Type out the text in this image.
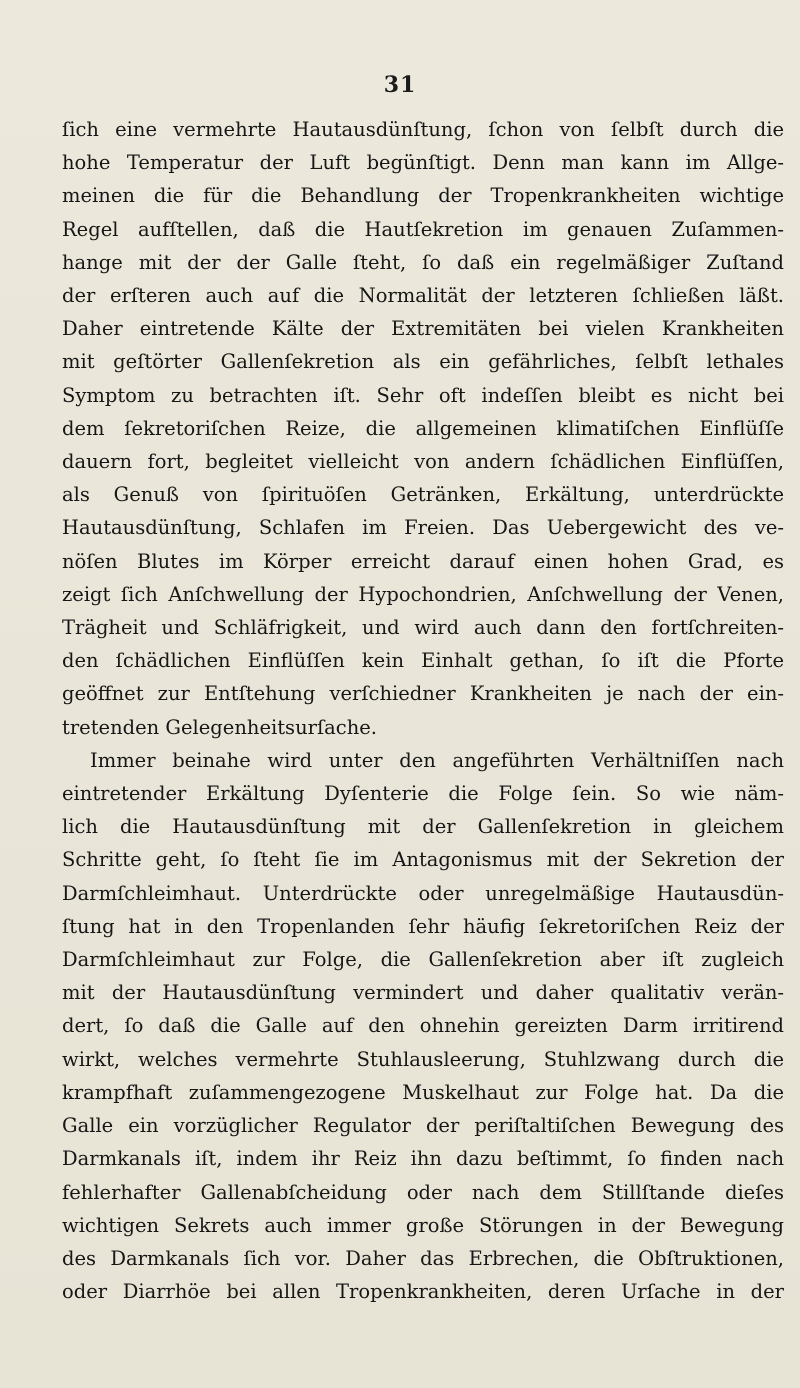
31
ſich eine vermehrte Hautausdünſtung, ſchon von ſelbſt durch die
hohe Temperatur der Luft begünſtigt. Denn man kann im Allge-
meinen die für die Behandlung der Tropenkrankheiten wichtige
Regel aufſtellen, daß die Hautſekretion im genauen Zuſammen-
hange mit der der Galle ſteht, ſo daß ein regelmäßiger Zuſtand
der erſteren auch auf die Normalität der letzteren ſchließen läßt.
Daher eintretende Kälte der Extremitäten bei vielen Krankheiten
mit geſtörter Gallenſekretion als ein gefährliches, ſelbſt lethales
Symptom zu betrachten iſt. Sehr oft indeſſen bleibt es nicht bei
dem ſekretoriſchen Reize, die allgemeinen klimatiſchen Einflüſſe
dauern fort, begleitet vielleicht von andern ſchädlichen Einflüſſen,
als Genuß von ſpirituöſen Getränken, Erkältung, unterdrückte
Hautausdünſtung, Schlafen im Freien. Das Uebergewicht des ve-
nöſen Blutes im Körper erreicht darauf einen hohen Grad, es
zeigt ſich Anſchwellung der Hypochondrien, Anſchwellung der Venen,
Trägheit und Schläfrigkeit, und wird auch dann den fortſchreiten-
den ſchädlichen Einflüſſen kein Einhalt gethan, ſo iſt die Pforte
geöffnet zur Entſtehung verſchiedner Krankheiten je nach der ein-
tretenden Gelegenheitsurſache.
Immer beinahe wird unter den angeführten Verhältniſſen nach
eintretender Erkältung Dyſenterie die Folge ſein. So wie näm-
lich die Hautausdünſtung mit der Gallenſekretion in gleichem
Schritte geht, ſo ſteht ſie im Antagonismus mit der Sekretion der
Darmſchleimhaut. Unterdrückte oder unregelmäßige Hautausdün-
ſtung hat in den Tropenlanden ſehr häufig ſekretoriſchen Reiz der
Darmſchleimhaut zur Folge, die Gallenſekretion aber iſt zugleich
mit der Hautausdünſtung vermindert und daher qualitativ verän-
dert, ſo daß die Galle auf den ohnehin gereizten Darm irritirend
wirkt, welches vermehrte Stuhlausleerung, Stuhlzwang durch die
krampfhaft zuſammengezogene Muskelhaut zur Folge hat. Da die
Galle ein vorzüglicher Regulator der periſtaltiſchen Bewegung des
Darmkanals iſt, indem ihr Reiz ihn dazu beſtimmt, ſo finden nach
fehlerhafter Gallenabſcheidung oder nach dem Stillſtande dieſes
wichtigen Sekrets auch immer große Störungen in der Bewegung
des Darmkanals ſich vor. Daher das Erbrechen, die Obſtruktionen,
oder Diarrhöe bei allen Tropenkrankheiten, deren Urſache in der
